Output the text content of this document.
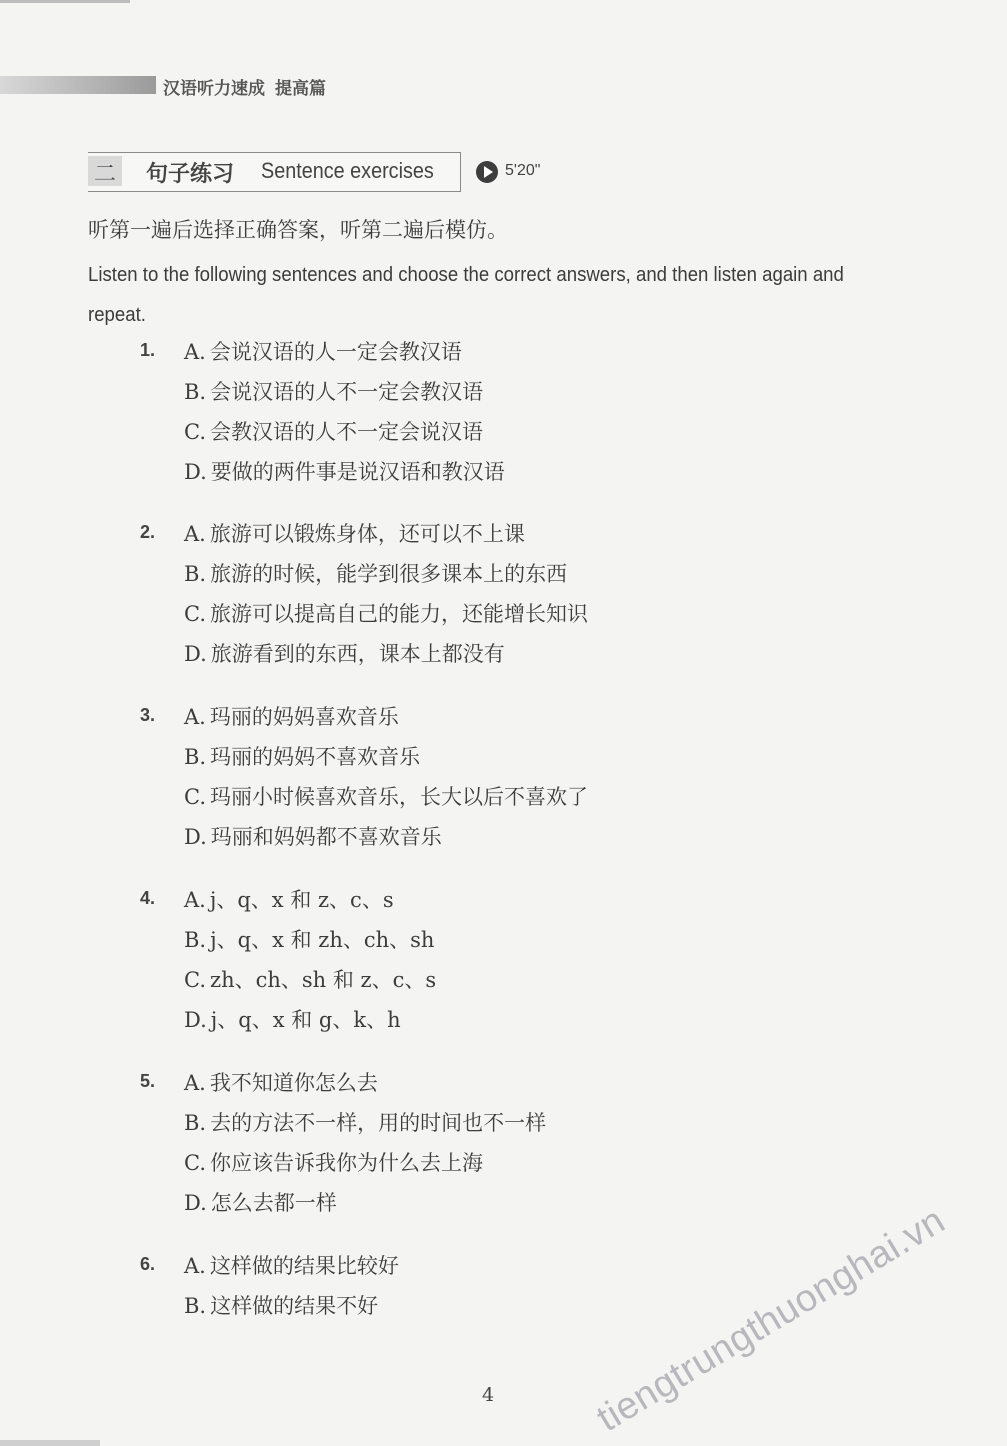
汉语听力速成 提高篇
二 句子练习 Sentence exercises	5'20"
听第一遍后选择正确答案，听第二遍后模仿。
Listen to the following sentences and choose the correct answers, and then listen again and
repeat.
1. A. 会说汉语的人一定会教汉语
B. 会说汉语的人不一定会教汉语
C. 会教汉语的人不一定会说汉语
D. 要做的两件事是说汉语和教汉语
2. A. 旅游可以锻炼身体，还可以不上课
B. 旅游的时候，能学到很多课本上的东西
C. 旅游可以提高自己的能力，还能增长知识
D. 旅游看到的东西，课本上都没有
3. A. 玛丽的妈妈喜欢音乐
B. 玛丽的妈妈不喜欢音乐
C. 玛丽小时候喜欢音乐，长大以后不喜欢了
D. 玛丽和妈妈都不喜欢音乐
4. A. j、q、x 和 z、c、s
B. j、q、x 和 zh、ch、sh
C. zh、ch、sh 和 z、c、s
D. j、q、x 和 g、k、h
5. A. 我不知道你怎么去
B. 去的方法不一样，用的时间也不一样
C. 你应该告诉我你为什么去上海
D. 怎么去都一样
6. A. 这样做的结果比较好
B. 这样做的结果不好
4	tiengtrungthuonghai.vn
